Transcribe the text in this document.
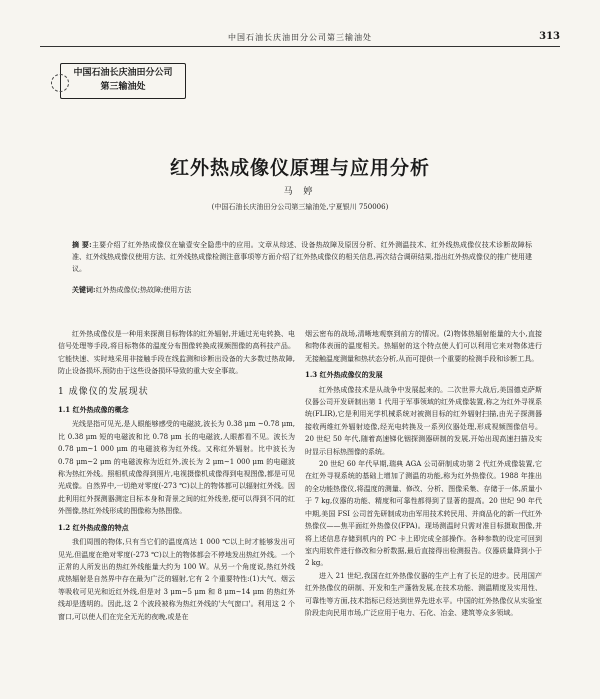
中国石油长庆油田分公司第三输油处	313
中国石油长庆油田分公司
第三输油处
红外热成像仪原理与应用分析
马 婷
(中国石油长庆油田分公司第三输油处,宁夏银川 750006)
摘 要:主要介绍了红外热成像仪在输壹安全隐患中的应用。文章从综述、设备热故障及原因分析、红外测温技术、红外线热成像仪技术诊断故障标准、红外线热成像仪使用方法、红外线热成像检测注意事项等方面介绍了红外热成像仪的相关信息,再次结合调研结果,指出红外热成像仪的推广使用建议。
关键词:红外热成像仪;热故障;使用方法

红外热成像仪是一种用来探测目标物体的红外辐射,并通过光电转换、电信号处理等手段,将目标物体的温度分布图像转换成视频图像的高科技产品。它能快速、实时地采用非接触手段在线监测和诊断出设备的大多数过热故障,防止设备损坏,预防由于这些设备损坏导致的重大安全事故。

1 成像仪的发展现状
1.1 红外热成像的概念

光线是指可见光,是人眼能够感受的电磁波,波长为 0.38 μm ~0.78 μm,比 0.38 μm 短的电磁波和比 0.78 μm 长的电磁波,人眼都看不见。波长为 0.78 μm~1 000 μm 的电磁波称为红外线。又称红外辐射。比中波长为 0.78 μm~2 μm 的电磁波称为近红外,波长为 2 μm~1 000 μm 的电磁波称为热红外线。照相机成像得到照片,电视摄像机成像得到电视图像,都是可见光成像。自然界中,一切绝对零度(-273 ℃)以上的物体都可以辐射红外线。因此利用红外探测器测定目标本身和背景之间的红外线差,便可以得到不同的红外图像,热红外线形成的图像称为热图像。

1.2 红外热成像的特点

我们周围的物体,只有当它们的温度高达 1 000 ℃以上时才能够发出可见光,但温度在绝对零度(-273 ℃)以上的物体都会不停地发出热红外线。一个正常的人所发出的热红外线能量大约为 100 W。从另一个角度说,热红外线成热辐射是自然界中存在最为广泛的辐射,它有 2 个重要特性:(1)大气、烟云等吸收可见光和近红外线,但是对 3 μm~5 μm 和 8 μm~14 μm 的热红外线却是透明的。因此,这 2 个波段被称为热红外线的'大气窗口'。利用这 2 个窗口,可以使人们在完全无光的夜晚,或是在

烟云密布的战场,清晰地观察到前方的情况。(2)物体热辐射能量的大小,直接和物体表面的温度相关。热辐射的这个特点使人们可以利用它来对物体进行无接触温度测量和热状态分析,从而可提供一个重要的检测手段和诊断工具。

1.3 红外热成像仪的发展

红外热成像技术是从战争中发展起来的。二次世界大战后,美国德克萨斯仪器公司开发研制出第 1 代用于军事领域的红外成像装置,称之为红外寻视系统(FLIR),它是利用光学机械系统对被测目标的红外辐射扫描,由光子探测器接收两维红外辐射迹像,经光电转换及一系列仪器处理,形成视频图像信号。20 世纪 50 年代,随着高速锑化铟探测器研制的发展,开始出现高速扫描及实时显示目标热图像的系统。

20 世纪 60 年代早期,瑞典 AGA 公司研制成功第 2 代红外成像装置,它在红外寻视系统的基础上增加了测温的功能,称为红外热像仪。1988 年推出的全功能热像仪,将温度的测量、修改、分析、图像采集、存储于一体,质量小于 7 kg,仪器的功能、精度和可靠性都得到了显著的提高。20 世纪 90 年代中期,美国 FSI 公司首先研制成功由军用技术转民用、并商品化的新一代红外热像仪——焦平面红外热像仪(FPA)。现场测温时只需对准目标摄取图像,并将上述信息存储到机内的 PC 卡上即完成全部操作。各种参数的设定可回到室内用软件进行修改和分析数据,最后直接得出检测报告。仪器质量降到小于 2 kg。

进入 21 世纪,我国在红外热像仪器的生产上有了长足的进步。民用国产红外热像仪的研制、开发和生产蓬勃发展,在技术功能、测温精度及实用性、可靠性等方面,技术指标已经达到世界先进水平。中国的红外热像仪从实验室阶段走向民用市场,广泛应用于电力、石化、冶金、建筑等众多领域。
